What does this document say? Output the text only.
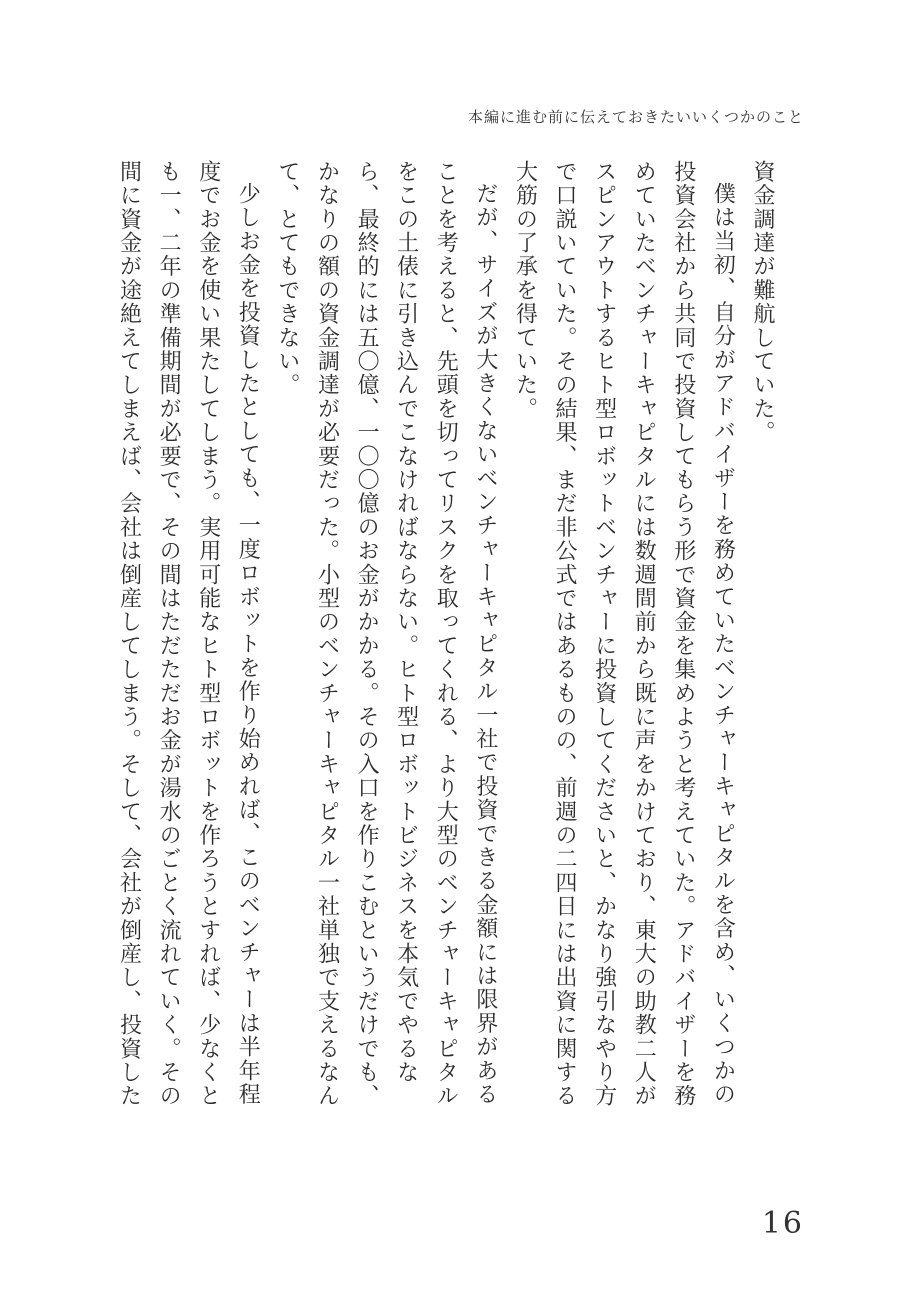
本編に進む前に伝えておきたいいくつかのこと

資金調達が難航していた。

僕は当初、自分がアドバイザーを務めていたベンチャーキャピタルを含め、いくつかの投資会社から共同で投資してもらう形で資金を集めようと考えていた。アドバイザーを務めていたベンチャーキャピタルには数週間前から既に声をかけており、東大の助教二人がスピンアウトするヒト型ロボットベンチャーに投資してくださいと、かなり強引なやり方で口説いていた。その結果、まだ非公式ではあるものの、前週の二四日には出資に関する大筋の了承を得ていた。

だが、サイズが大きくないベンチャーキャピタル一社で投資できる金額には限界があることを考えると、先頭を切ってリスクを取ってくれる、より大型のベンチャーキャピタルをこの土俵に引き込んでこなければならない。ヒト型ロボットビジネスを本気でやるなら、最終的には五〇億、一〇〇億のお金がかかる。その入口を作りこむというだけでも、かなりの額の資金調達が必要だった。小型のベンチャーキャピタル一社単独で支えるなんて、とてもできない。

少しお金を投資したとしても、一度ロボットを作り始めれば、このベンチャーは半年程度でお金を使い果たしてしまう。実用可能なヒト型ロボットを作ろうとすれば、少なくとも一、二年の準備期間が必要で、その間はただただお金が湯水のごとく流れていく。その間に資金が途絶えてしまえば、会社は倒産してしまう。そして、会社が倒産し、投資した

16
